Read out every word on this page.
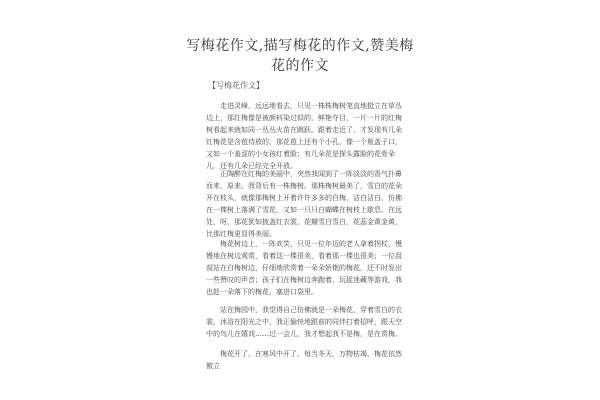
写梅花作文,描写梅花的作文,赞美梅花的作文
【写梅花作文】

走进灵峰，远远地看去，只见一株株梅树笔直地挺立在草丛边上，那红梅像是被颜料染过似的，鲜艳夺目，一片一片的红梅树看起来就如同一丛丛火苗在跳跃。跟着走近了，才发现有几朵红梅花是含苞待放的，那花苞上还有个小孔，像一个瓶盖子口，又如一个羞涩的小女孩红着脸；有几朵花是探头露脸的花骨朵儿，还有几朵已经完全开放。

正陶醉在红梅的美丽中，突然我闻到了一阵淡淡的香气扑鼻而来，原来，我背后有一株梅树。那株梅树最美了，雪白的花朵开在枝头，就像那梅树上开着许许多多的白梅，洁白洁白，仿佛在一棵树上落满了雪花，又如一只只白蝴蝶在树枝上歇息。在远处，呀，那花犹如披盖红衣裳，花瓣雪白雪白，花蕊金黄金黄，比那红梅更显得美丽。

梅花树边上，一阵欢笑，只见一位年迈的老人拿着拐杖，慢慢地在树边观赏，看着这一棵很美，看着那一棵也很美；一位叔叔站在白梅树边，仔细地欣赏着一朵朵娇艳的梅花，还不时发出一些赞叹的声音；孩子们在梅树边奔跑着，玩捉迷藏等游戏，我也趁一朵落下的梅花，塞进口袋里。

站在梅园中，我觉得自己仿佛就是一朵梅花，穿着雪白的衣裳，沐浴在阳光之中，我正愉快地跟前的同伴打着招呼，跟天空中的鸟儿在嬉戏……过一会儿，我才想起我不是梅，是在赏梅。

梅花开了，在寒风中开了。每当冬天，万物枯竭，梅花依然傲立
